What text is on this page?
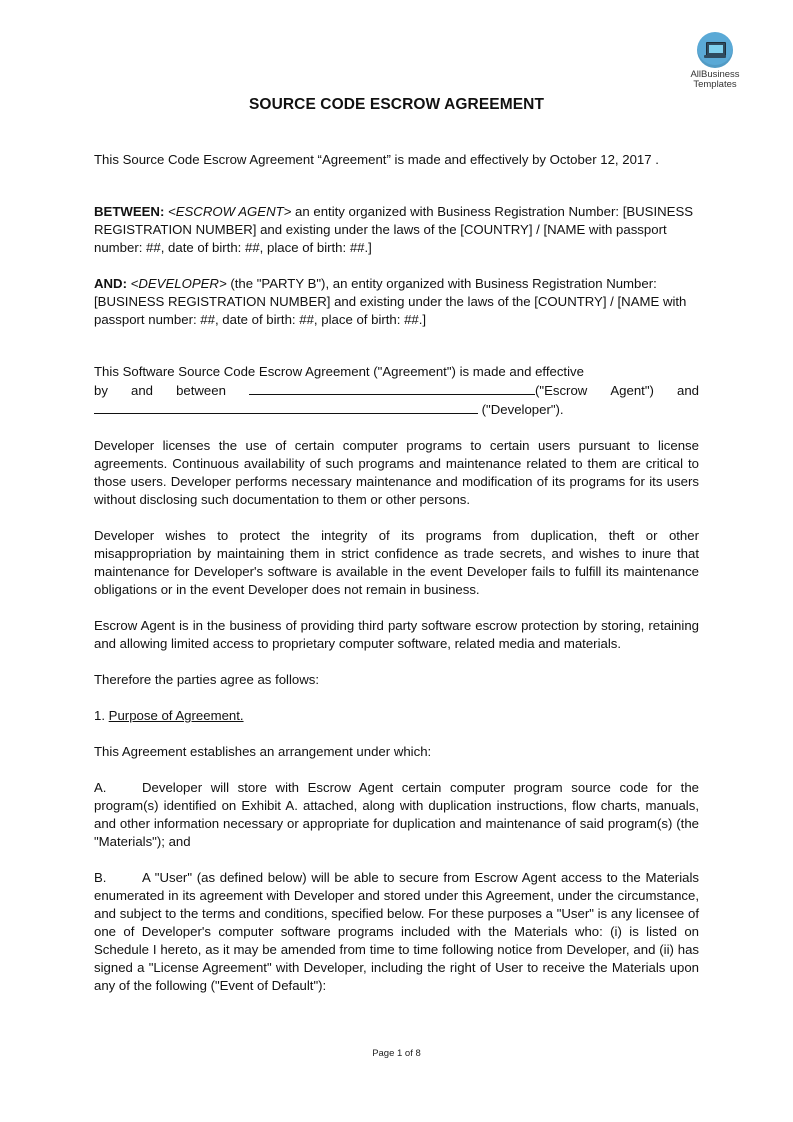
AllBusiness
Templates
SOURCE CODE ESCROW AGREEMENT

This Source Code Escrow Agreement “Agreement” is made and effectively by October 12, 2017 .

BETWEEN: <ESCROW AGENT> an entity organized with Business Registration Number: [BUSINESS REGISTRATION NUMBER] and existing under the laws of the [COUNTRY] / [NAME with passport number: ##, date of birth: ##, place of birth: ##.]

AND: <DEVELOPER> (the "PARTY B"), an entity organized with Business Registration Number: [BUSINESS REGISTRATION NUMBER] and existing under the laws of the [COUNTRY] / [NAME with passport number: ##, date of birth: ##, place of birth: ##.]

This Software Source Code Escrow Agreement ("Agreement") is made and effective
by and between	("Escrow Agent") and
("Developer").

Developer licenses the use of certain computer programs to certain users pursuant to license agreements. Continuous availability of such programs and maintenance related to them are critical to those users. Developer performs necessary maintenance and modification of its programs for its users without disclosing such documentation to them or other persons.

Developer wishes to protect the integrity of its programs from duplication, theft or other misappropriation by maintaining them in strict confidence as trade secrets, and wishes to inure that maintenance for Developer's software is available in the event Developer fails to fulfill its maintenance obligations or in the event Developer does not remain in business.

Escrow Agent is in the business of providing third party software escrow protection by storing, retaining and allowing limited access to proprietary computer software, related media and materials.

Therefore the parties agree as follows:

1. Purpose of Agreement.

This Agreement establishes an arrangement under which:

A.	Developer will store with Escrow Agent certain computer program source code for the program(s) identified on Exhibit A. attached, along with duplication instructions, flow charts, manuals, and other information necessary or appropriate for duplication and maintenance of said program(s) (the "Materials"); and

B.	A "User" (as defined below) will be able to secure from Escrow Agent access to the Materials enumerated in its agreement with Developer and stored under this Agreement, under the circumstance, and subject to the terms and conditions, specified below. For these purposes a "User" is any licensee of one of Developer's computer software programs included with the Materials who: (i) is listed on Schedule I hereto, as it may be amended from time to time following notice from Developer, and (ii) has signed a "License Agreement" with Developer, including the right of User to receive the Materials upon any of the following ("Event of Default"):

Page 1 of 8
